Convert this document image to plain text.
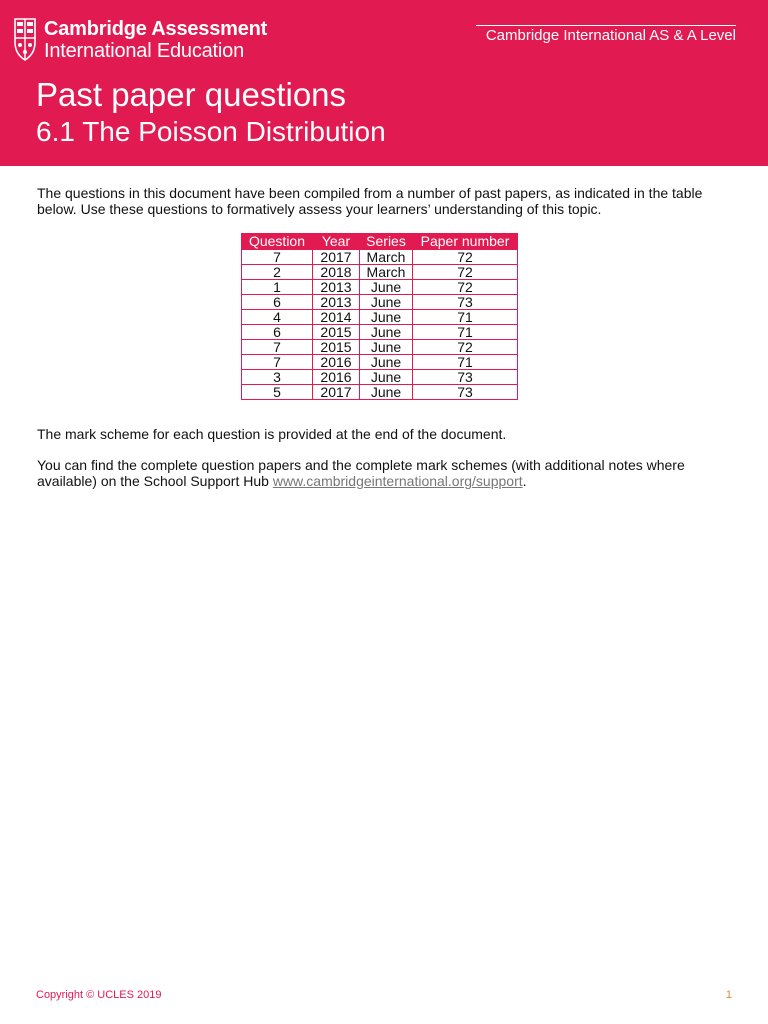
Cambridge Assessment
International Education
Cambridge International AS & A Level
Past paper questions
6.1 The Poisson Distribution

The questions in this document have been compiled from a number of past papers, as indicated in the table below. Use these questions to formatively assess your learners’ understanding of this topic.

Question	Year	Series	Paper number
7	2017	March	72
2	2018	March	72
1	2013	June	72
6	2013	June	73
4	2014	June	71
6	2015	June	71
7	2015	June	72
7	2016	June	71
3	2016	June	73
5	2017	June	73

The mark scheme for each question is provided at the end of the document.

You can find the complete question papers and the complete mark schemes (with additional notes where available) on the School Support Hub www.cambridgeinternational.org/support.

Copyright © UCLES 2019	1
